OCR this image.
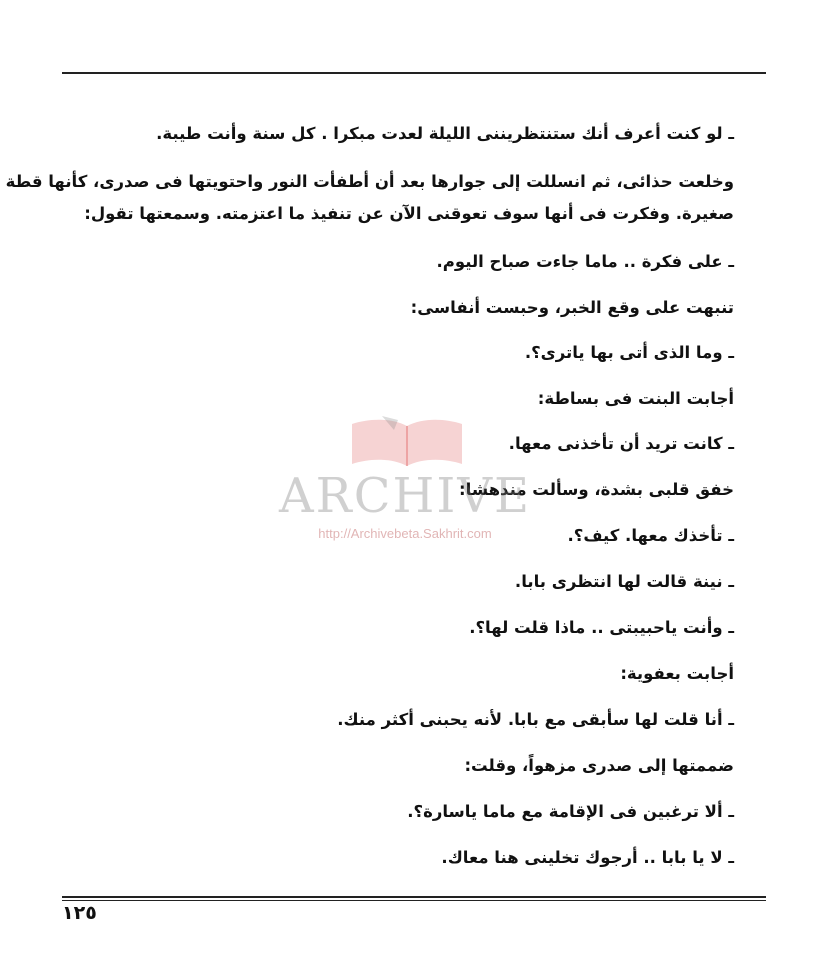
ـ لو كنت أعرف أنك ستنتظريننى الليلة لعدت مبكرا . كل سنة وأنت طيبة.
وخلعت حذائى، ثم انسللت إلى جوارها بعد أن أطفأت النور واحتويتها فى صدرى، كأنها قطة
صغيرة. وفكرت فى أنها سوف تعوقنى الآن عن تنفيذ ما اعتزمته. وسمعتها تقول:
ـ على فكرة .. ماما جاءت صباح اليوم.
تنبهت على وقع الخبر، وحبست أنفاسى:
ـ وما الذى أتى بها ياترى؟.
أجابت البنت فى بساطة:
ـ كانت تريد أن تأخذنى معها.
خفق قلبى بشدة، وسألت مندهشا:
ـ تأخذك معها. كيف؟.
ـ نينة قالت لها انتظرى بابا.
ـ وأنت ياحبيبتى .. ماذا قلت لها؟.
أجابت بعفوية:
ـ أنا قلت لها سأبقى مع بابا. لأنه يحبنى أكثر منك.
ضممتها إلى صدرى مزهواً، وقلت:
ـ ألا ترغبين فى الإقامة مع ماما ياسارة؟.
ـ لا يا بابا .. أرجوك تخلينى هنا معاك.
١٢٥
ARCHIVE
http://Archivebeta.Sakhrit.com
